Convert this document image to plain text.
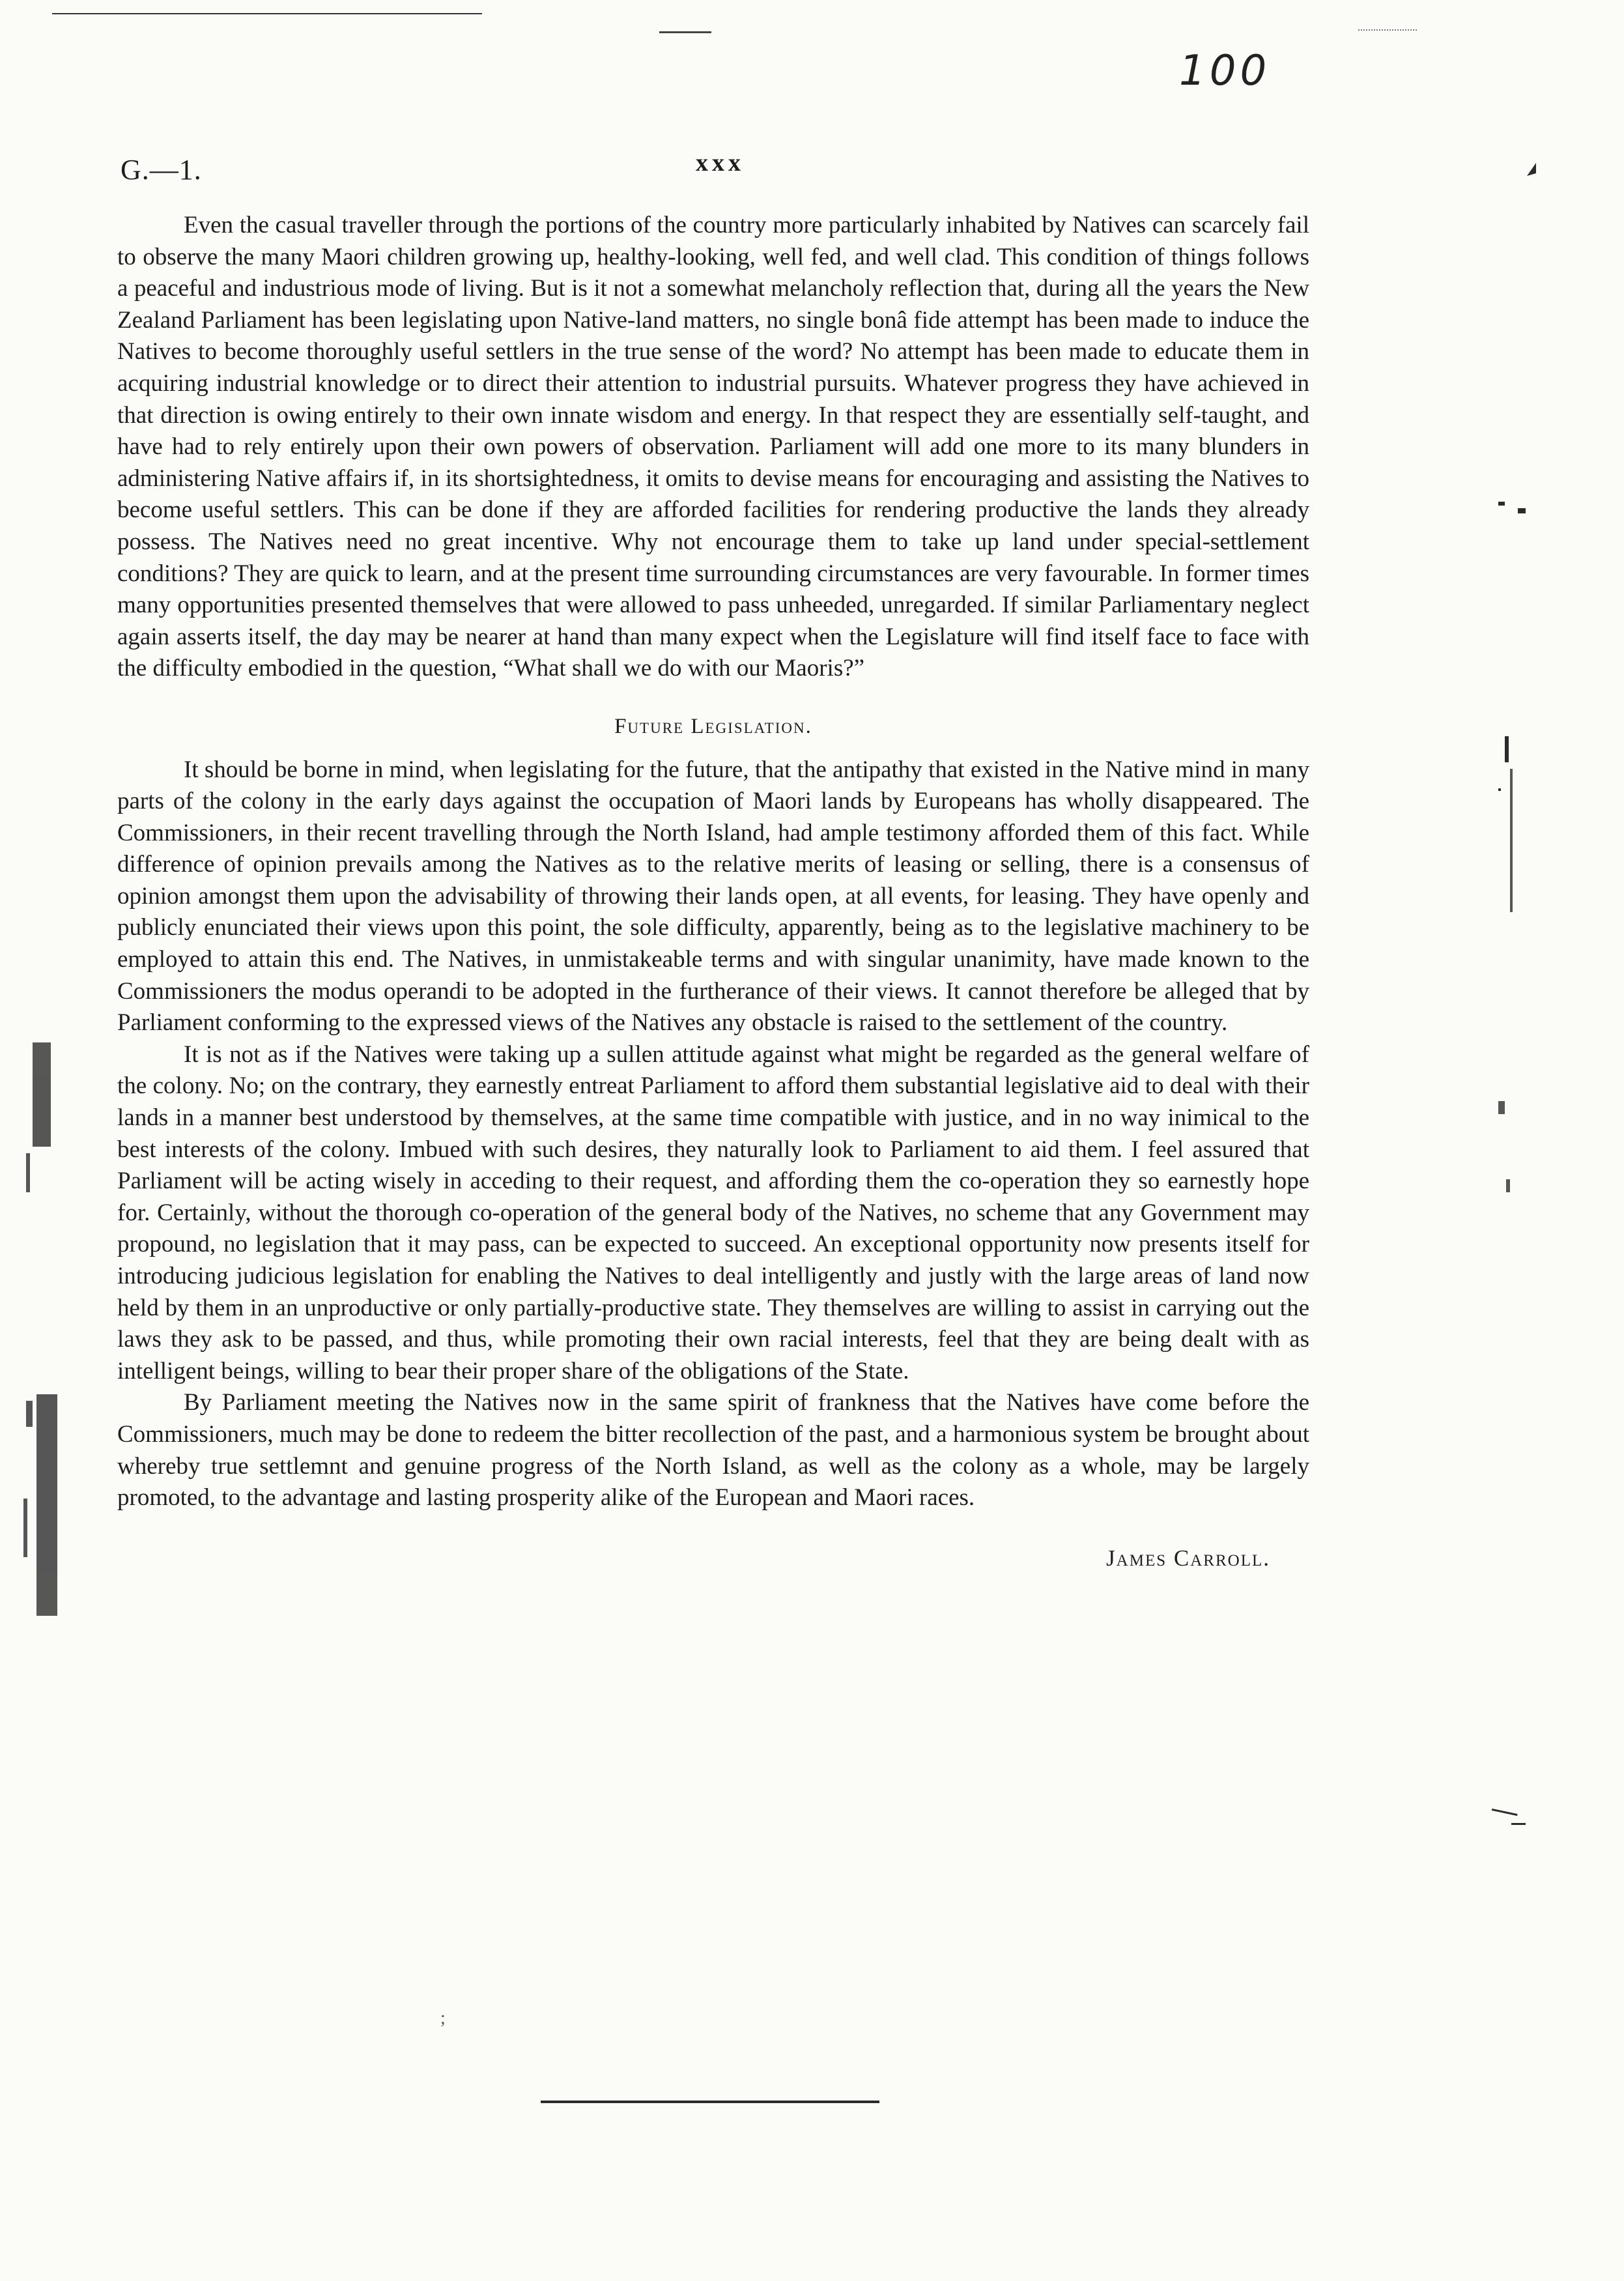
100
G.—1.	xxx

Even the casual traveller through the portions of the country more particularly inhabited by Natives can scarcely fail to observe the many Maori children growing up, healthy-looking, well fed, and well clad. This condition of things follows a peaceful and industrious mode of living. But is it not a somewhat melancholy reflection that, during all the years the New Zealand Parliament has been legislating upon Native-land matters, no single bonâ fide attempt has been made to induce the Natives to become thoroughly useful settlers in the true sense of the word? No attempt has been made to educate them in acquiring industrial knowledge or to direct their attention to industrial pursuits. Whatever progress they have achieved in that direction is owing entirely to their own innate wisdom and energy. In that respect they are essentially self-taught, and have had to rely entirely upon their own powers of observation. Parliament will add one more to its many blunders in administering Native affairs if, in its shortsightedness, it omits to devise means for encouraging and assisting the Natives to become useful settlers. This can be done if they are afforded facilities for rendering productive the lands they already possess. The Natives need no great incentive. Why not encourage them to take up land under special-settlement conditions? They are quick to learn, and at the present time surrounding circumstances are very favourable. In former times many opportunities presented themselves that were allowed to pass unheeded, unregarded. If similar Parliamentary neglect again asserts itself, the day may be nearer at hand than many expect when the Legislature will find itself face to face with the difficulty embodied in the question, “What shall we do with our Maoris?”

Future Legislation.

It should be borne in mind, when legislating for the future, that the antipathy that existed in the Native mind in many parts of the colony in the early days against the occupation of Maori lands by Europeans has wholly disappeared. The Commissioners, in their recent travelling through the North Island, had ample testimony afforded them of this fact. While difference of opinion prevails among the Natives as to the relative merits of leasing or selling, there is a consensus of opinion amongst them upon the advisability of throwing their lands open, at all events, for leasing. They have openly and publicly enunciated their views upon this point, the sole difficulty, apparently, being as to the legislative machinery to be employed to attain this end. The Natives, in unmistakeable terms and with singular unanimity, have made known to the Commissioners the modus operandi to be adopted in the furtherance of their views. It cannot therefore be alleged that by Parliament conforming to the expressed views of the Natives any obstacle is raised to the settlement of the country.

It is not as if the Natives were taking up a sullen attitude against what might be regarded as the general welfare of the colony. No; on the contrary, they earnestly entreat Parliament to afford them substantial legislative aid to deal with their lands in a manner best understood by themselves, at the same time compatible with justice, and in no way inimical to the best interests of the colony. Imbued with such desires, they naturally look to Parliament to aid them. I feel assured that Parliament will be acting wisely in acceding to their request, and affording them the co-operation they so earnestly hope for. Certainly, without the thorough co-operation of the general body of the Natives, no scheme that any Government may propound, no legislation that it may pass, can be expected to succeed. An exceptional opportunity now presents itself for introducing judicious legislation for enabling the Natives to deal intelligently and justly with the large areas of land now held by them in an unproductive or only partially-productive state. They themselves are willing to assist in carrying out the laws they ask to be passed, and thus, while promoting their own racial interests, feel that they are being dealt with as intelligent beings, willing to bear their proper share of the obligations of the State.

By Parliament meeting the Natives now in the same spirit of frankness that the Natives have come before the Commissioners, much may be done to redeem the bitter recollection of the past, and a harmonious system be brought about whereby true settlemnt and genuine progress of the North Island, as well as the colony as a whole, may be largely promoted, to the advantage and lasting prosperity alike of the European and Maori races.

James Carroll.

;
